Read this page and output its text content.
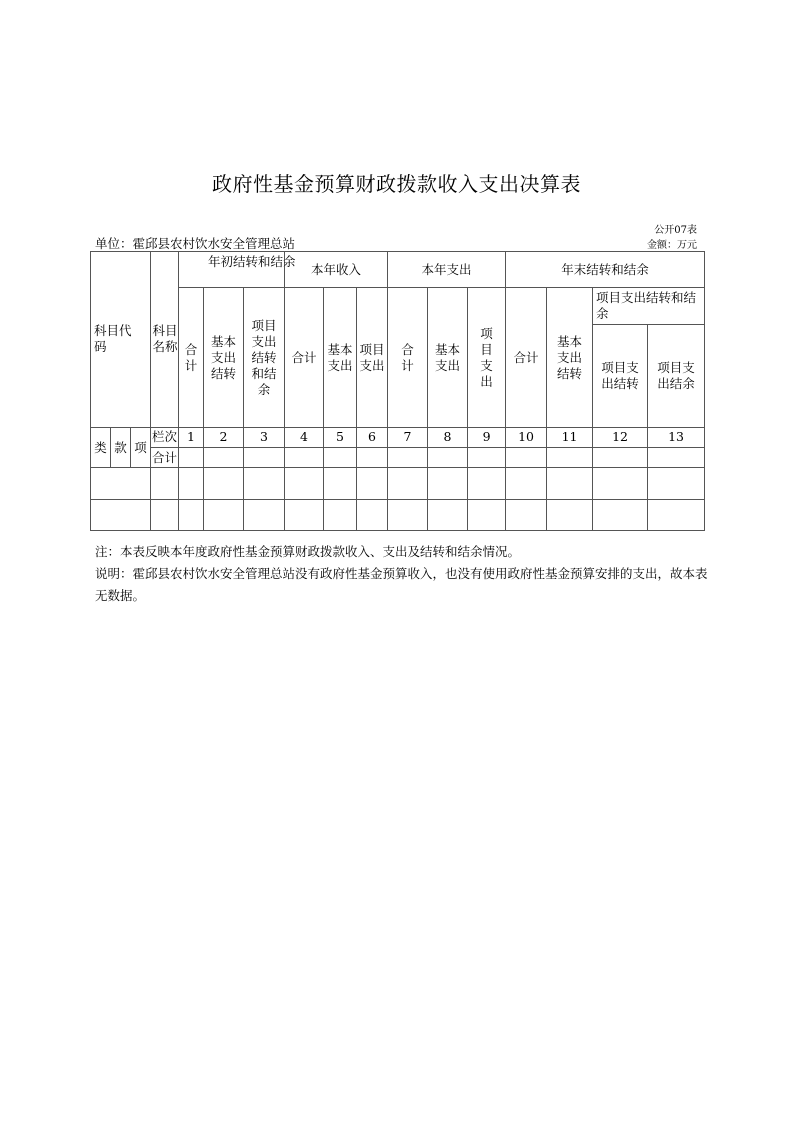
政府性基金预算财政拨款收入支出决算表
公开07表
单位：霍邱县农村饮水安全管理总站	金额：万元
科目代码			科目名称	年初结转和结余			本年收入			本年支出			年末结转和结余			
				合计	基本支出结转	项目支出结转和结余	合计	基本支出	项目支出	合计	基本支出	项目支出	合计	基本支出结转	项目支出结转和结余	
															项目支出结转	项目支出结余
类	款	项	栏次	1	2	3	4	5	6	7	8	9	10	11	12	13
			合计													

注：本表反映本年度政府性基金预算财政拨款收入、支出及结转和结余情况。
说明：霍邱县农村饮水安全管理总站没有政府性基金预算收入，也没有使用政府性基金预算安排的支出，故本表无数据。
